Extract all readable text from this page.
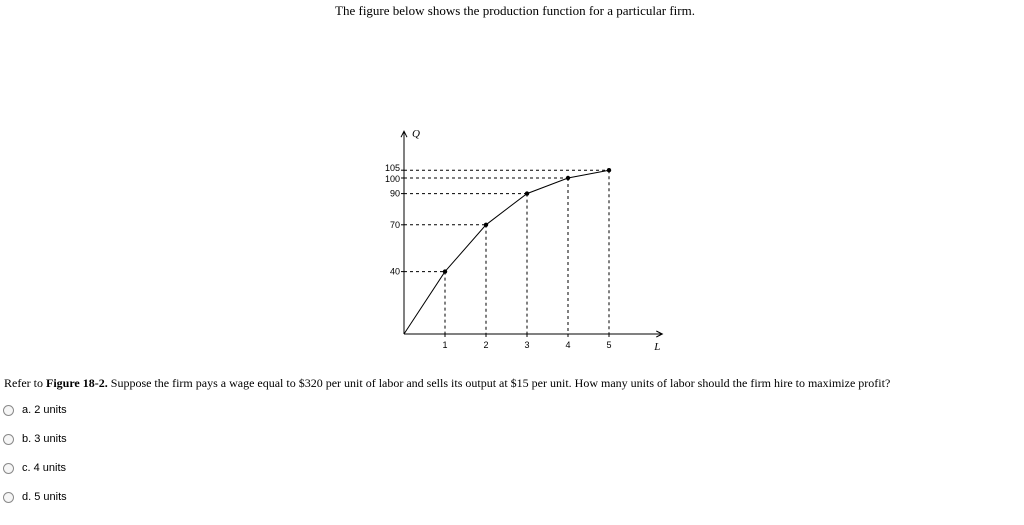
The figure below shows the production function for a particular firm.
L
Q
1	2	3	4	5
40
70
90
100
105
Refer to Figure 18-2. Suppose the firm pays a wage equal to $320 per unit of labor and sells its output at $15 per unit. How many units of labor should the firm hire to maximize profit?
a. 2 units
b. 3 units
c. 4 units
d. 5 units
